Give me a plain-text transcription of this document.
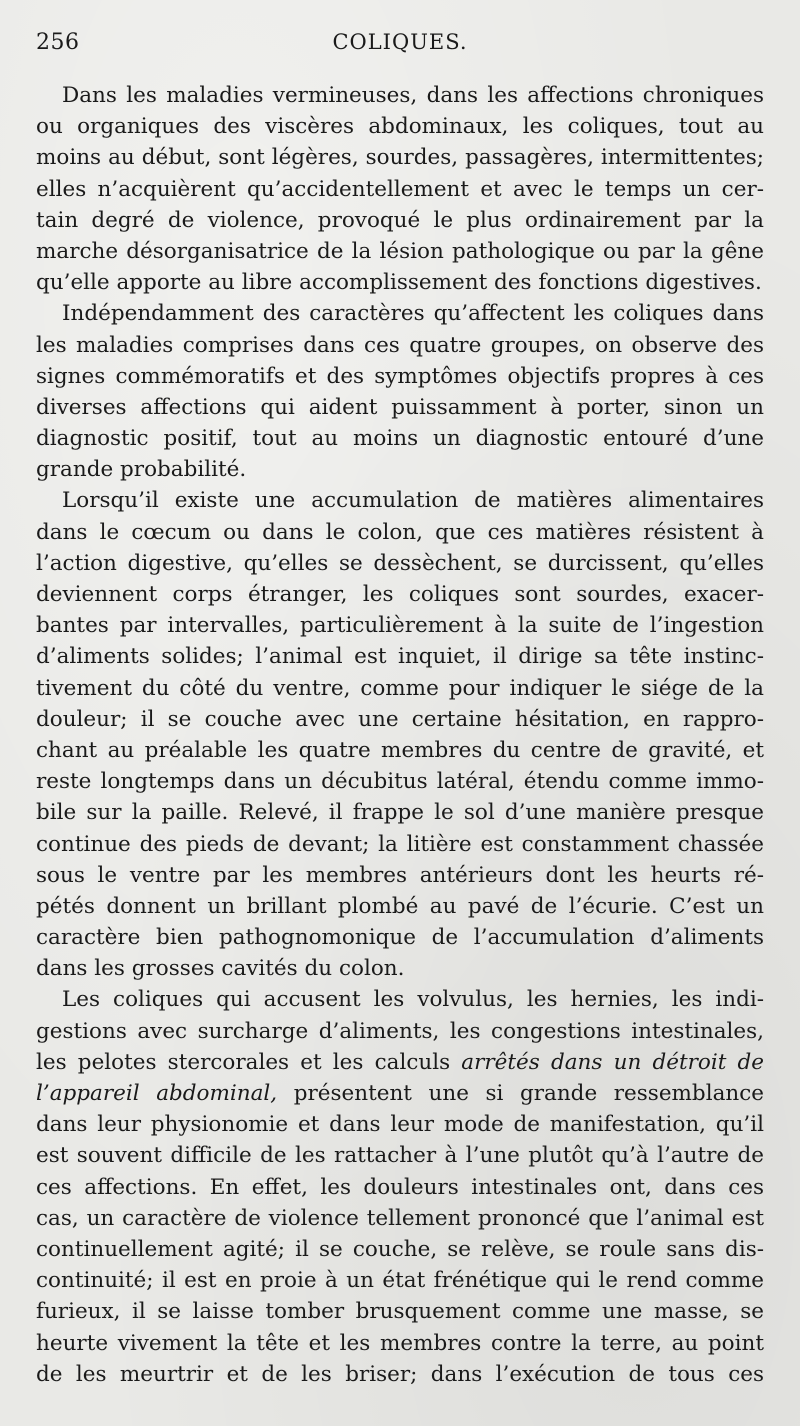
256	COLIQUES.
Dans les maladies vermineuses, dans les affections chroniques
ou organiques des viscères abdominaux, les coliques, tout au
moins au début, sont légères, sourdes, passagères, intermittentes;
elles n’acquièrent qu’accidentellement et avec le temps un cer-
tain degré de violence, provoqué le plus ordinairement par la
marche désorganisatrice de la lésion pathologique ou par la gêne
qu’elle apporte au libre accomplissement des fonctions digestives.
Indépendamment des caractères qu’affectent les coliques dans
les maladies comprises dans ces quatre groupes, on observe des
signes commémoratifs et des symptômes objectifs propres à ces
diverses affections qui aident puissamment à porter, sinon un
diagnostic positif, tout au moins un diagnostic entouré d’une
grande probabilité.
Lorsqu’il existe une accumulation de matières alimentaires
dans le cœcum ou dans le colon, que ces matières résistent à
l’action digestive, qu’elles se dessèchent, se durcissent, qu’elles
deviennent corps étranger, les coliques sont sourdes, exacer-
bantes par intervalles, particulièrement à la suite de l’ingestion
d’aliments solides; l’animal est inquiet, il dirige sa tête instinc-
tivement du côté du ventre, comme pour indiquer le siége de la
douleur; il se couche avec une certaine hésitation, en rappro-
chant au préalable les quatre membres du centre de gravité, et
reste longtemps dans un décubitus latéral, étendu comme immo-
bile sur la paille. Relevé, il frappe le sol d’une manière presque
continue des pieds de devant; la litière est constamment chassée
sous le ventre par les membres antérieurs dont les heurts ré-
pétés donnent un brillant plombé au pavé de l’écurie. C’est un
caractère bien pathognomonique de l’accumulation d’aliments
dans les grosses cavités du colon.
Les coliques qui accusent les volvulus, les hernies, les indi-
gestions avec surcharge d’aliments, les congestions intestinales,
les pelotes stercorales et les calculs arrêtés dans un détroit de
l’appareil abdominal, présentent une si grande ressemblance
dans leur physionomie et dans leur mode de manifestation, qu’il
est souvent difficile de les rattacher à l’une plutôt qu’à l’autre de
ces affections. En effet, les douleurs intestinales ont, dans ces
cas, un caractère de violence tellement prononcé que l’animal est
continuellement agité; il se couche, se relève, se roule sans dis-
continuité; il est en proie à un état frénétique qui le rend comme
furieux, il se laisse tomber brusquement comme une masse, se
heurte vivement la tête et les membres contre la terre, au point
de les meurtrir et de les briser; dans l’exécution de tous ces
